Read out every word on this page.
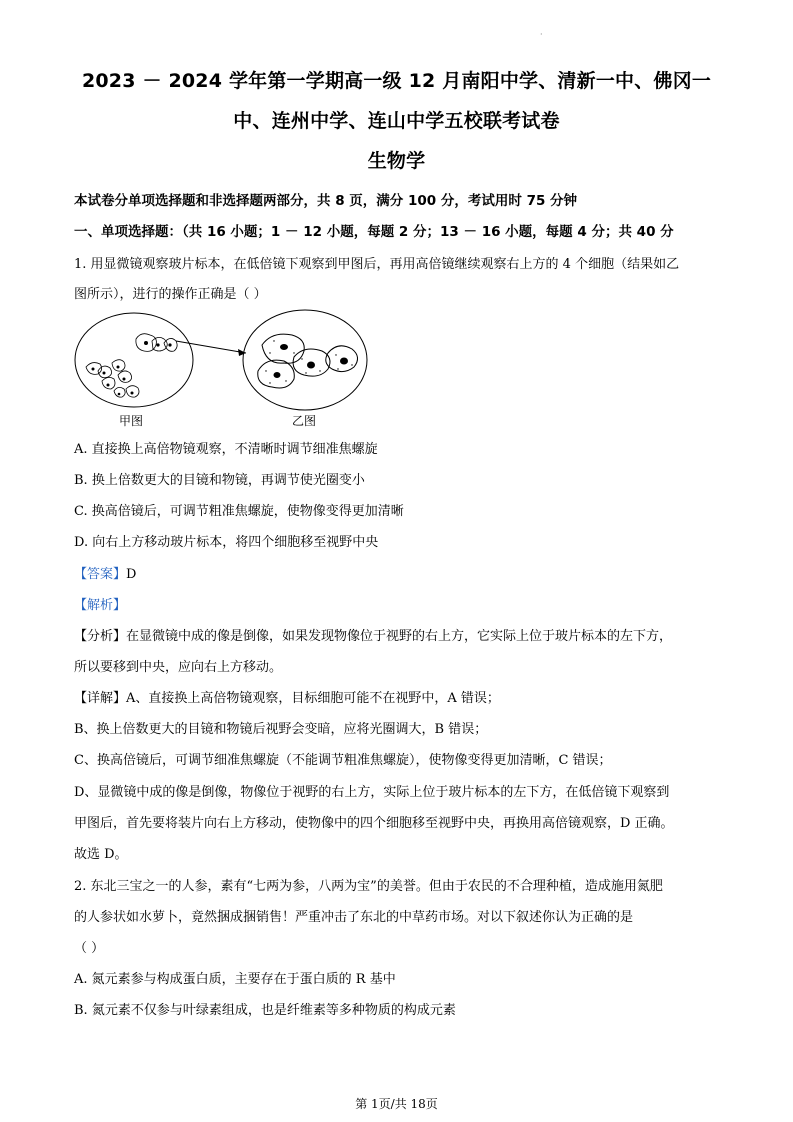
·
2023 － 2024 学年第一学期高一级 12 月南阳中学、清新一中、佛冈一
中、连州中学、连山中学五校联考试卷
生物学
本试卷分单项选择题和非选择题两部分，共 8 页，满分 100 分，考试用时 75 分钟
一、单项选择题：（共 16 小题；1 － 12 小题，每题 2 分；13 － 16 小题，每题 4 分；共 40 分
1. 用显微镜观察玻片标本，在低倍镜下观察到甲图后，再用高倍镜继续观察右上方的 4 个细胞（结果如乙
图所示），进行的操作正确是（ ）
甲图	乙图
A. 直接换上高倍物镜观察，不清晰时调节细准焦螺旋
B. 换上倍数更大的目镜和物镜，再调节使光圈变小
C. 换高倍镜后，可调节粗准焦螺旋，使物像变得更加清晰
D. 向右上方移动玻片标本，将四个细胞移至视野中央
【答案】D
【解析】
【分析】在显微镜中成的像是倒像，如果发现物像位于视野的右上方，它实际上位于玻片标本的左下方，
所以要移到中央，应向右上方移动。
【详解】A、直接换上高倍物镜观察，目标细胞可能不在视野中，A 错误；
B、换上倍数更大的目镜和物镜后视野会变暗，应将光圈调大，B 错误；
C、换高倍镜后，可调节细准焦螺旋（不能调节粗准焦螺旋），使物像变得更加清晰，C 错误；
D、显微镜中成的像是倒像，物像位于视野的右上方，实际上位于玻片标本的左下方，在低倍镜下观察到
甲图后，首先要将装片向右上方移动，使物像中的四个细胞移至视野中央，再换用高倍镜观察，D 正确。
故选 D。
2. 东北三宝之一的人参，素有“七两为参，八两为宝”的美誉。但由于农民的不合理种植，造成施用氮肥
的人参状如水萝卜，竟然捆成捆销售！严重冲击了东北的中草药市场。对以下叙述你认为正确的是
（ ）
A. 氮元素参与构成蛋白质，主要存在于蛋白质的 R 基中
B. 氮元素不仅参与叶绿素组成，也是纤维素等多种物质的构成元素
第 1页/共 18页
